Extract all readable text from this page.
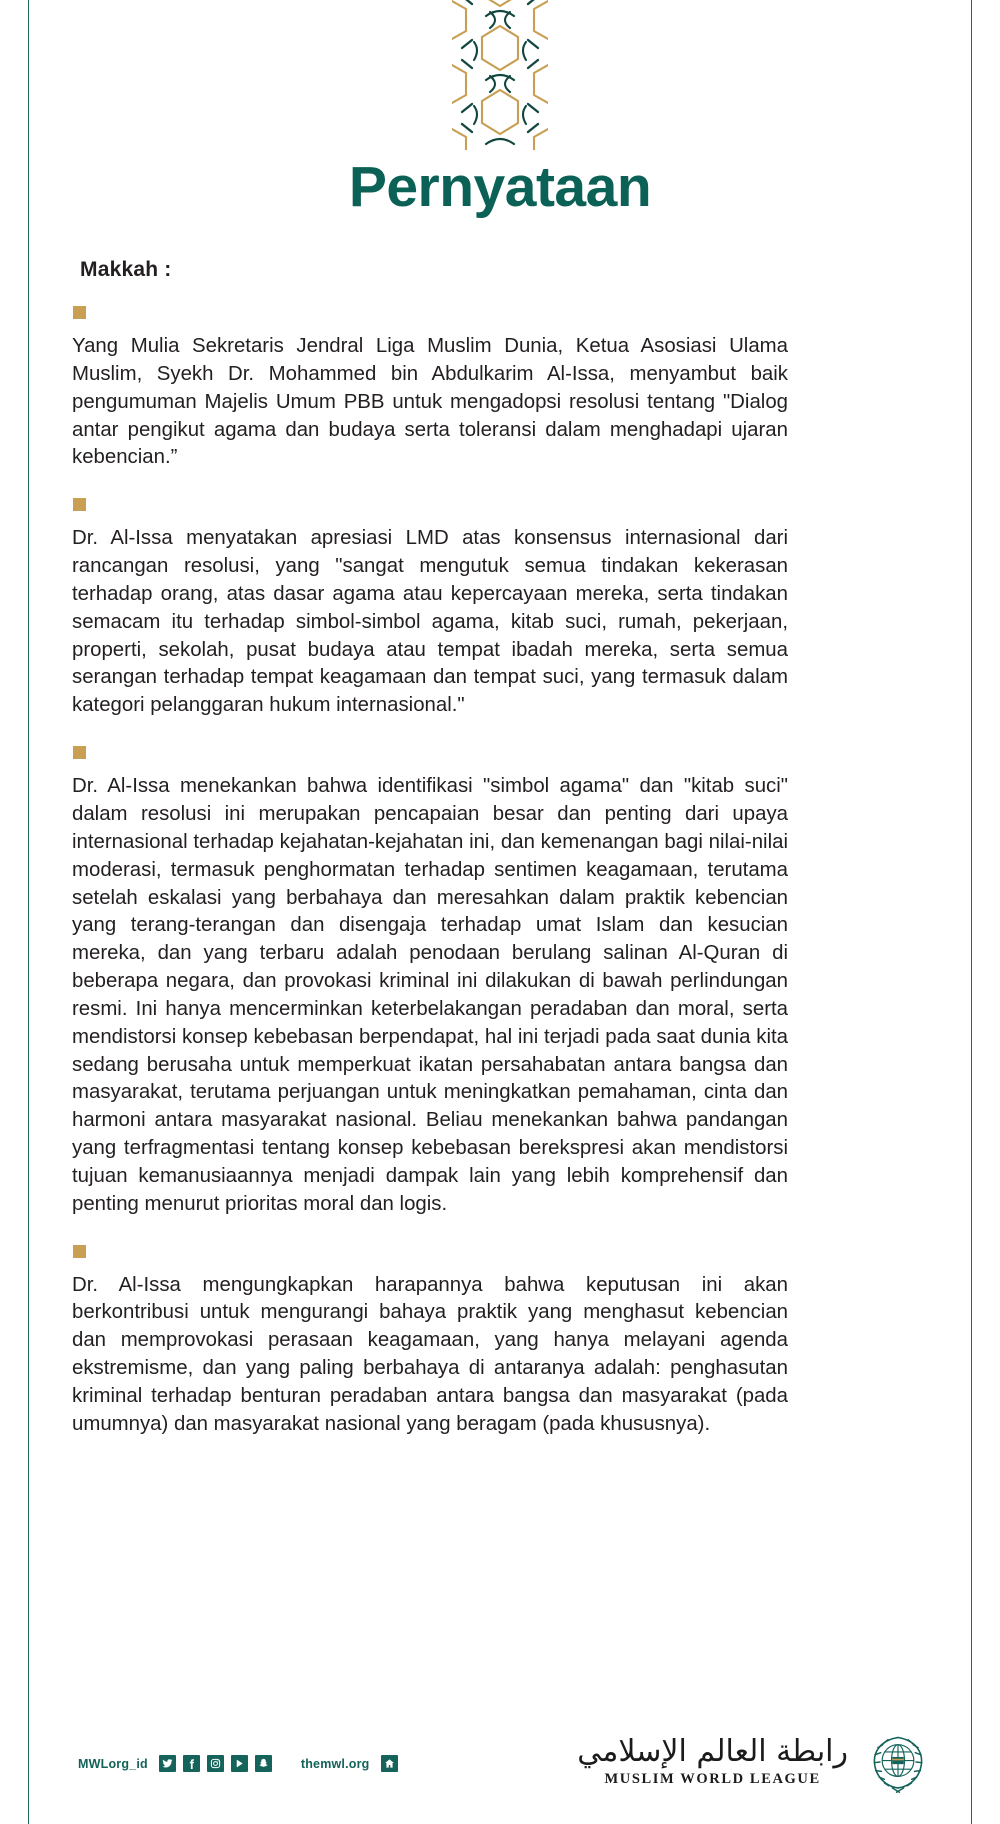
Pernyataan
Makkah :

Yang Mulia Sekretaris Jendral Liga Muslim Dunia, Ketua Asosiasi Ulama Muslim, Syekh Dr. Mohammed bin Abdulkarim Al-Issa, menyambut baik pengumuman Majelis Umum PBB untuk mengadopsi resolusi tentang "Dialog antar pengikut agama dan budaya serta toleransi dalam menghadapi ujaran kebencian.”

Dr. Al-Issa menyatakan apresiasi LMD atas konsensus internasional dari rancangan resolusi, yang "sangat mengutuk semua tindakan kekerasan terhadap orang, atas dasar agama atau kepercayaan mereka, serta tindakan semacam itu terhadap simbol-simbol agama, kitab suci, rumah, pekerjaan, properti, sekolah, pusat budaya atau tempat ibadah mereka, serta semua serangan terhadap tempat keagamaan dan tempat suci, yang termasuk dalam kategori pelanggaran hukum internasional."

Dr. Al-Issa menekankan bahwa identifikasi "simbol agama" dan "kitab suci" dalam resolusi ini merupakan pencapaian besar dan penting dari upaya internasional terhadap kejahatan-kejahatan ini, dan kemenangan bagi nilai-nilai moderasi, termasuk penghormatan terhadap sentimen keagamaan, terutama setelah eskalasi yang berbahaya dan meresahkan dalam praktik kebencian yang terang-terangan dan disengaja terhadap umat Islam dan kesucian mereka, dan yang terbaru adalah penodaan berulang salinan Al-Quran di beberapa negara, dan provokasi kriminal ini dilakukan di bawah perlindungan resmi. Ini hanya mencerminkan keterbelakangan peradaban dan moral, serta mendistorsi konsep kebebasan berpendapat, hal ini terjadi pada saat dunia kita sedang berusaha untuk memperkuat ikatan persahabatan antara bangsa dan masyarakat, terutama perjuangan untuk meningkatkan pemahaman, cinta dan harmoni antara masyarakat nasional. Beliau menekankan bahwa pandangan yang terfragmentasi tentang konsep kebebasan berekspresi akan mendistorsi tujuan kemanusiaannya menjadi dampak lain yang lebih komprehensif dan penting menurut prioritas moral dan logis.

Dr. Al-Issa mengungkapkan harapannya bahwa keputusan ini akan berkontribusi untuk mengurangi bahaya praktik yang menghasut kebencian dan memprovokasi perasaan keagamaan, yang hanya melayani agenda ekstremisme, dan yang paling berbahaya di antaranya adalah: penghasutan kriminal terhadap benturan peradaban antara bangsa dan masyarakat (pada umumnya) dan masyarakat nasional yang beragam (pada khususnya).

MWLorg_id	themwl.org	رابطة العالم الإسلامي
MUSLIM WORLD LEAGUE
